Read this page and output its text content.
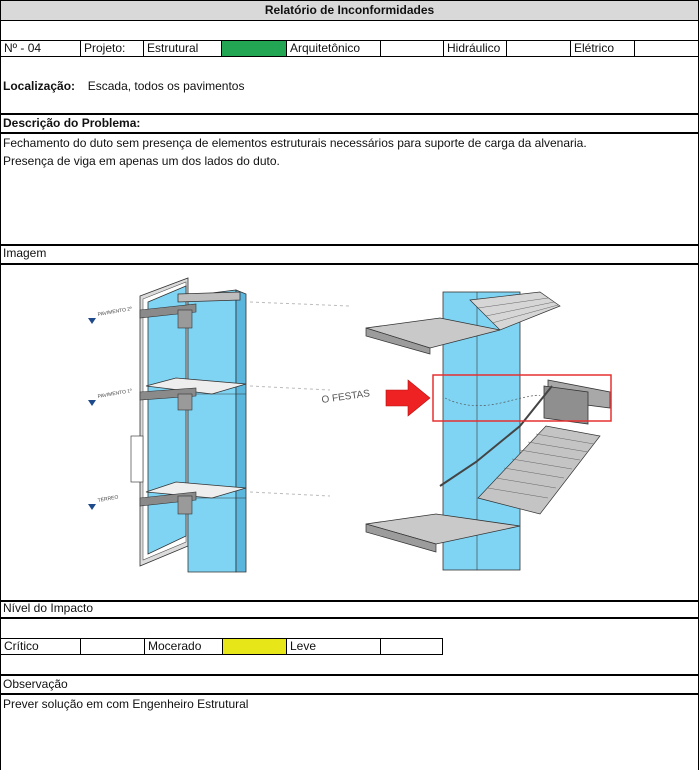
Relatório de Inconformidades
Nº - 04	Projeto:	Estrutural	Arquitetônico	Hidráulico	Elétrico
Localização: Escada, todos os pavimentos
Descrição do Problema:
Fechamento do duto sem presença de elementos estruturais necessários para suporte de carga da alvenaria.
Presença de viga em apenas um dos lados do duto.
Imagem
PAVIMENTO 2º
PAVIMENTO 1º
TÉRREO
O FESTAS
Nível do Impacto
Crítico	Mocerado	Leve
Observação
Prever solução em com Engenheiro Estrutural
